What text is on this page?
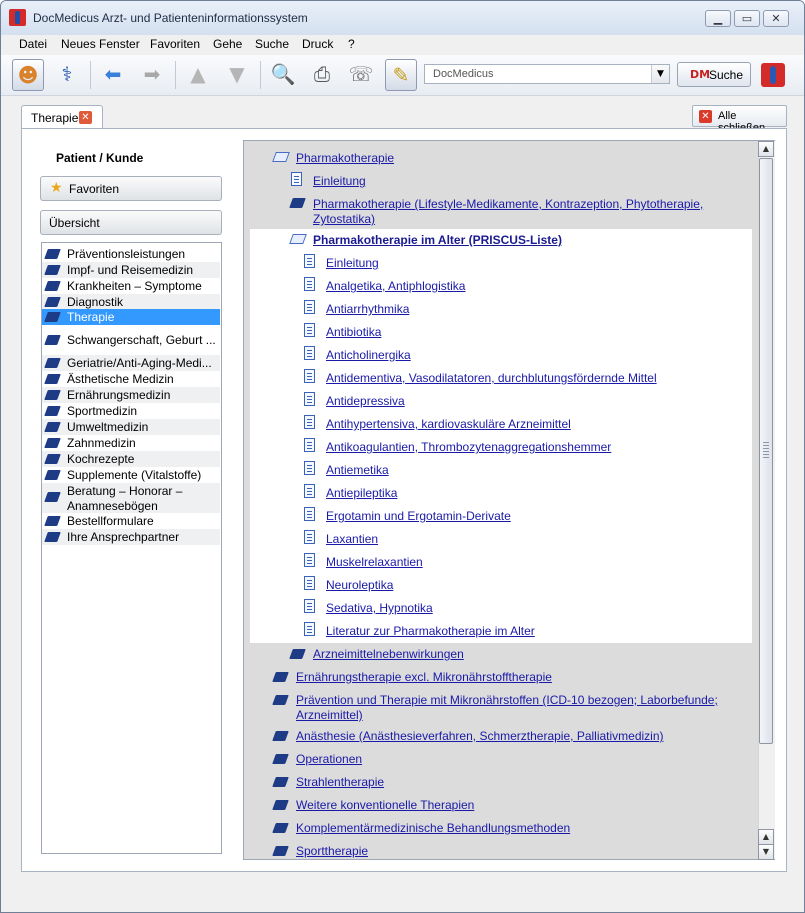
DocMedicus Arzt- und Patienteninformationssystem	▁	▭	✕
Datei Neues Fenster Favoriten Gehe Suche Druck ?
☻	⚕	⬅	➡	▲	▼	🔍 ⎙ ☏ ✎	DocMedicus	▼	DM
Suche
Therapie ✕	✕ Alle
Patient / Kunde
★ Favoriten
Übersicht
Präventionsleistungen
Impf- und Reisemedizin
Krankheiten – Symptome
Diagnostik
Therapie
Schwangerschaft, Geburt ...
Geriatrie/Anti-Aging-Medi...
Ästhetische Medizin
Ernährungsmedizin
Sportmedizin
Umweltmedizin
Zahnmedizin
Kochrezepte
Supplemente (Vitalstoffe)
Beratung – Honorar –
Anamnesebögen
Bestellformulare
Ihre Ansprechpartner
Pharmakotherapie
Einleitung
Pharmakotherapie (Lifestyle-Medikamente, Kontrazeption, Phytotherapie,
Zytostatika)
Pharmakotherapie im Alter (PRISCUS-Liste)
Einleitung
Analgetika, Antiphlogistika
Antiarrhythmika
Antibiotika
Anticholinergika
Antidementiva, Vasodilatatoren, durchblutungsfördernde Mittel
Antidepressiva
Antihypertensiva, kardiovaskuläre Arzneimittel
Antikoagulantien, Thrombozytenaggregationshemmer
Antiemetika
Antiepileptika
Ergotamin und Ergotamin-Derivate
Laxantien
Muskelrelaxantien
Neuroleptika
Sedativa, Hypnotika
Literatur zur Pharmakotherapie im Alter
Arzneimittelnebenwirkungen
Ernährungstherapie excl. Mikronährstofftherapie
Prävention und Therapie mit Mikronährstoffen (ICD-10 bezogen; Laborbefunde;
Arzneimittel)
Anästhesie (Anästhesieverfahren, Schmerztherapie, Palliativmedizin)
Operationen
Strahlentherapie
Weitere konventionelle Therapien
Komplementärmedizinische Behandlungsmethoden
Sporttherapie
▲
▲
▼
